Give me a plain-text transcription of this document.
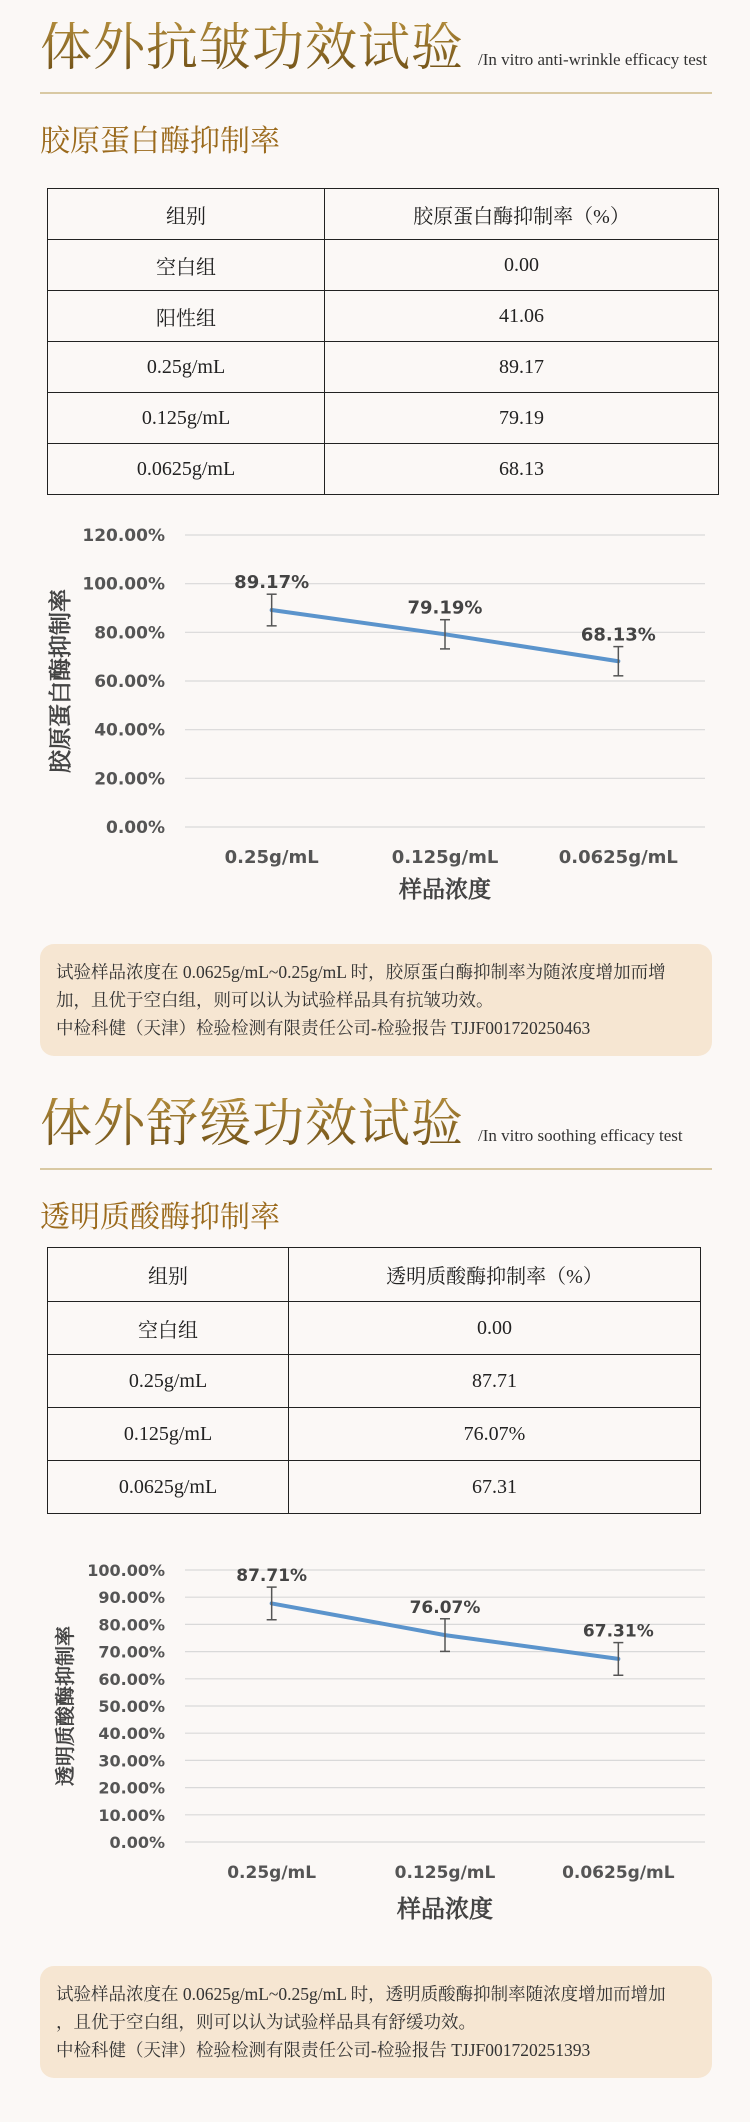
体外抗皱功效试验 /In vitro anti-wrinkle efficacy test
胶原蛋白酶抑制率
组别	胶原蛋白酶抑制率（%）
空白组	0.00
阳性组	41.06
0.25g/mL	89.17
0.125g/mL	79.19
0.0625g/mL	68.13
0.00%
20.00%
40.00%
60.00%
80.00%
100.00%
120.00%
0.25g/mL	0.125g/mL	0.0625g/mL
89.17%
79.19%
68.13%
样品浓度
胶原蛋白酶抑制率
试验样品浓度在 0.0625g/mL~0.25g/mL 时，胶原蛋白酶抑制率为随浓度增加而增
加，且优于空白组，则可以认为试验样品具有抗皱功效。
中检科健（天津）检验检测有限责任公司-检验报告 TJJF001720250463
体外舒缓功效试验 /In vitro soothing efficacy test
透明质酸酶抑制率
组别	透明质酸酶抑制率（%）
空白组	0.00
0.25g/mL	87.71
0.125g/mL	76.07%
0.0625g/mL	67.31
0.00%
10.00%
20.00%
30.00%
40.00%
50.00%
60.00%
70.00%
80.00%
90.00%
100.00%
0.25g/mL	0.125g/mL	0.0625g/mL
87.71%
76.07%
67.31%
样品浓度
透明质酸酶抑制率
试验样品浓度在 0.0625g/mL~0.25g/mL 时，透明质酸酶抑制率随浓度增加而增加
，且优于空白组，则可以认为试验样品具有舒缓功效。
中检科健（天津）检验检测有限责任公司-检验报告 TJJF001720251393
